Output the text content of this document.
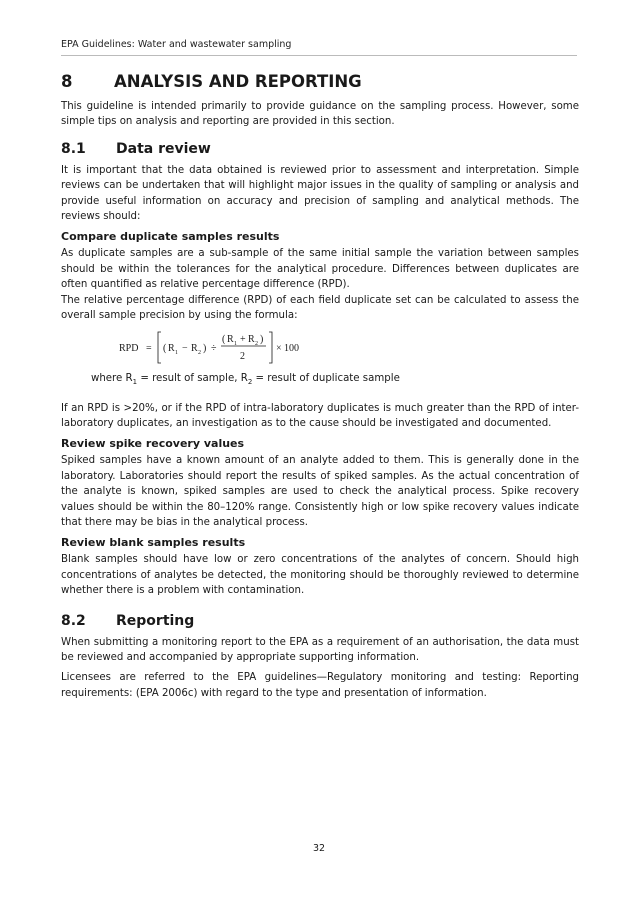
EPA Guidelines: Water and wastewater sampling
8	ANALYSIS AND REPORTING

This guideline is intended primarily to provide guidance on the sampling process. However, some simple tips on analysis and reporting are provided in this section.

8.1	Data review

It is important that the data obtained is reviewed prior to assessment and interpretation. Simple reviews can be undertaken that will highlight major issues in the quality of sampling or analysis and provide useful information on accuracy and precision of sampling and analytical methods. The reviews should:

Compare duplicate samples results

As duplicate samples are a sub-sample of the same initial sample the variation between samples should be within the tolerances for the analytical procedure. Differences between duplicates are often quantified as relative percentage difference (RPD).

The relative percentage difference (RPD) of each field duplicate set can be calculated to assess the overall sample precision by using the formula:

RPD = ( R 1 − R 2 ) ÷
( R 1 + R 2 )
2
× 100
where $R_1$ = result of sample, $R_2$ = result of duplicate sample

If an RPD is >20%, or if the RPD of intra-laboratory duplicates is much greater than the RPD of inter-laboratory duplicates, an investigation as to the cause should be investigated and documented.

Review spike recovery values

Spiked samples have a known amount of an analyte added to them. This is generally done in the laboratory. Laboratories should report the results of spiked samples. As the actual concentration of the analyte is known, spiked samples are used to check the analytical process. Spike recovery values should be within the 80–120% range. Consistently high or low spike recovery values indicate that there may be bias in the analytical process.

Review blank samples results

Blank samples should have low or zero concentrations of the analytes of concern. Should high concentrations of analytes be detected, the monitoring should be thoroughly reviewed to determine whether there is a problem with contamination.

8.2	Reporting

When submitting a monitoring report to the EPA as a requirement of an authorisation, the data must be reviewed and accompanied by appropriate supporting information.

Licensees are referred to the EPA guidelines—Regulatory monitoring and testing: Reporting requirements: (EPA 2006c) with regard to the type and presentation of information.

32
